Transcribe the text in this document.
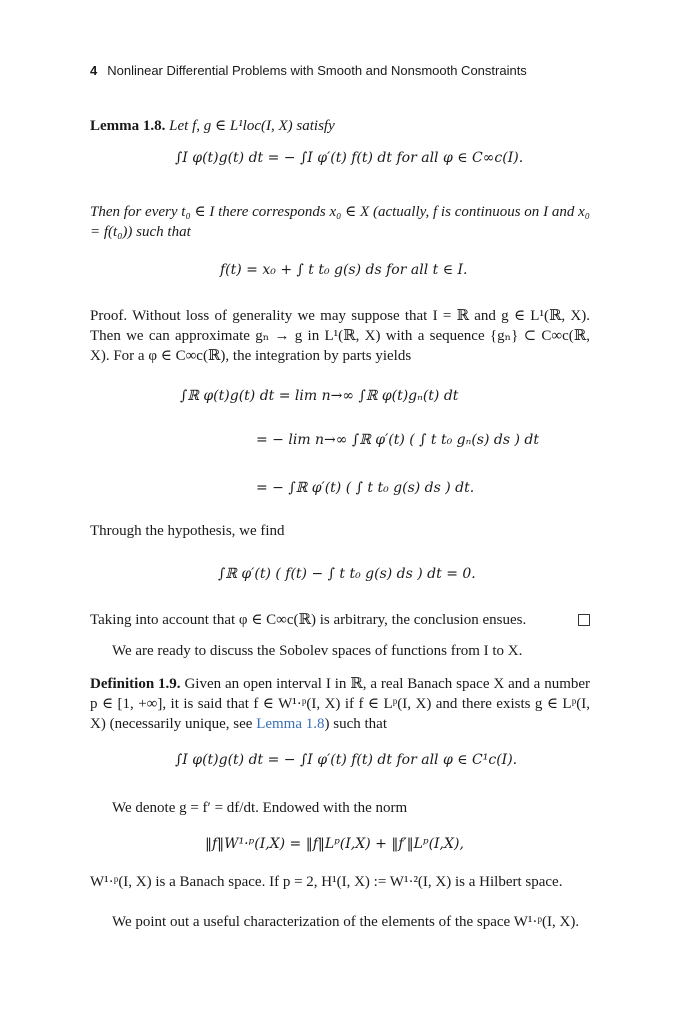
4 Nonlinear Differential Problems with Smooth and Nonsmooth Constraints
Lemma 1.8. Let f, g ∈ L¹loc(I, X) satisfy
∫I φ(t)g(t) dt = − ∫I φ′(t) f(t) dt for all φ ∈ C∞c(I).
Then for every t₀ ∈ I there corresponds x₀ ∈ X (actually, f is continuous on I and x₀ = f(t₀)) such that
f(t) = x₀ + ∫ t t₀ g(s) ds for all t ∈ I.
Proof. Without loss of generality we may suppose that I = ℝ and g ∈ L¹(ℝ, X). Then we can approximate gₙ → g in L¹(ℝ, X) with a sequence {gₙ} ⊂ C∞c(ℝ, X). For a φ ∈ C∞c(ℝ), the integration by parts yields
∫ℝ φ(t)g(t) dt = lim n→∞ ∫ℝ φ(t)gₙ(t) dt
= − lim n→∞ ∫ℝ φ′(t) ( ∫ t t₀ gₙ(s) ds ) dt
= − ∫ℝ φ′(t) ( ∫ t t₀ g(s) ds ) dt.
Through the hypothesis, we find
∫ℝ φ′(t) ( f(t) − ∫ t t₀ g(s) ds ) dt = 0.
Taking into account that φ ∈ C∞c(ℝ) is arbitrary, the conclusion ensues.
We are ready to discuss the Sobolev spaces of functions from I to X.
Definition 1.9. Given an open interval I in ℝ, a real Banach space X and a number p ∈ [1, +∞], it is said that f ∈ W¹·ᵖ(I, X) if f ∈ Lᵖ(I, X) and there exists g ∈ Lᵖ(I, X) (necessarily unique, see Lemma 1.8) such that
∫I φ(t)g(t) dt = − ∫I φ′(t) f(t) dt for all φ ∈ C¹c(I).
We denote g = f′ = df/dt. Endowed with the norm
‖f‖W¹·ᵖ(I,X) = ‖f‖Lᵖ(I,X) + ‖f′‖Lᵖ(I,X),
W¹·ᵖ(I, X) is a Banach space. If p = 2, H¹(I, X) := W¹·²(I, X) is a Hilbert space.
We point out a useful characterization of the elements of the space W¹·ᵖ(I, X).
